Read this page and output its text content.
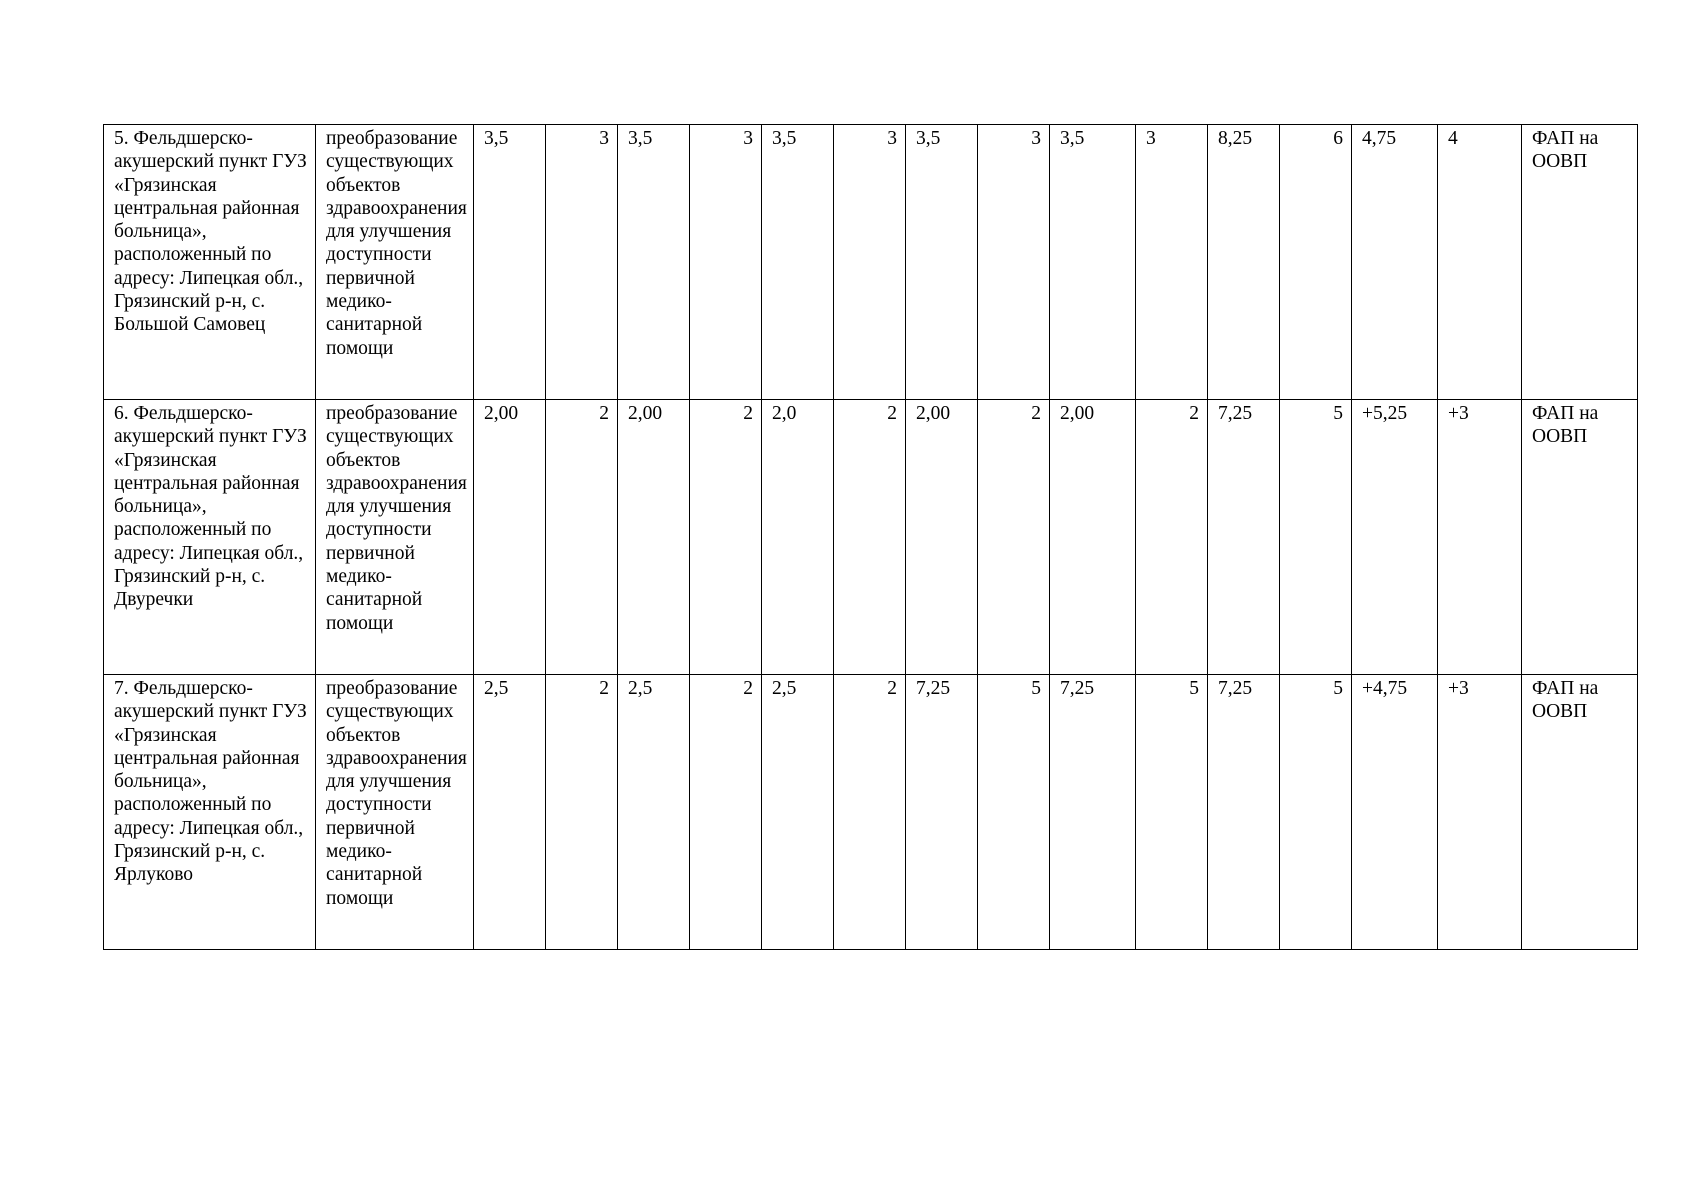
5. Фельдшерско-акушерский пункт ГУЗ «Грязинская центральная районная больница», расположенный по адресу: Липецкая обл., Грязинский р-н, с. Большой Самовец	преобразование существующих объектов здравоохранения для улучшения доступности первичной медико-санитарной помощи	3,5	3	3,5	3	3,5	3	3,5	3	3,5	3	8,25	6	4,75	4	ФАП на ООВП
6. Фельдшерско-акушерский пункт ГУЗ «Грязинская центральная районная больница», расположенный по адресу: Липецкая обл., Грязинский р-н, с. Двуречки	преобразование существующих объектов здравоохранения для улучшения доступности первичной медико-санитарной помощи	2,00	2	2,00	2	2,0	2	2,00	2	2,00	2	7,25	5	+5,25	+3	ФАП на ООВП
7. Фельдшерско-акушерский пункт ГУЗ «Грязинская центральная районная больница», расположенный по адресу: Липецкая обл., Грязинский р-н, с. Ярлуково	преобразование существующих объектов здравоохранения для улучшения доступности первичной медико-санитарной помощи	2,5	2	2,5	2	2,5	2	7,25	5	7,25	5	7,25	5	+4,75	+3	ФАП на ООВП
